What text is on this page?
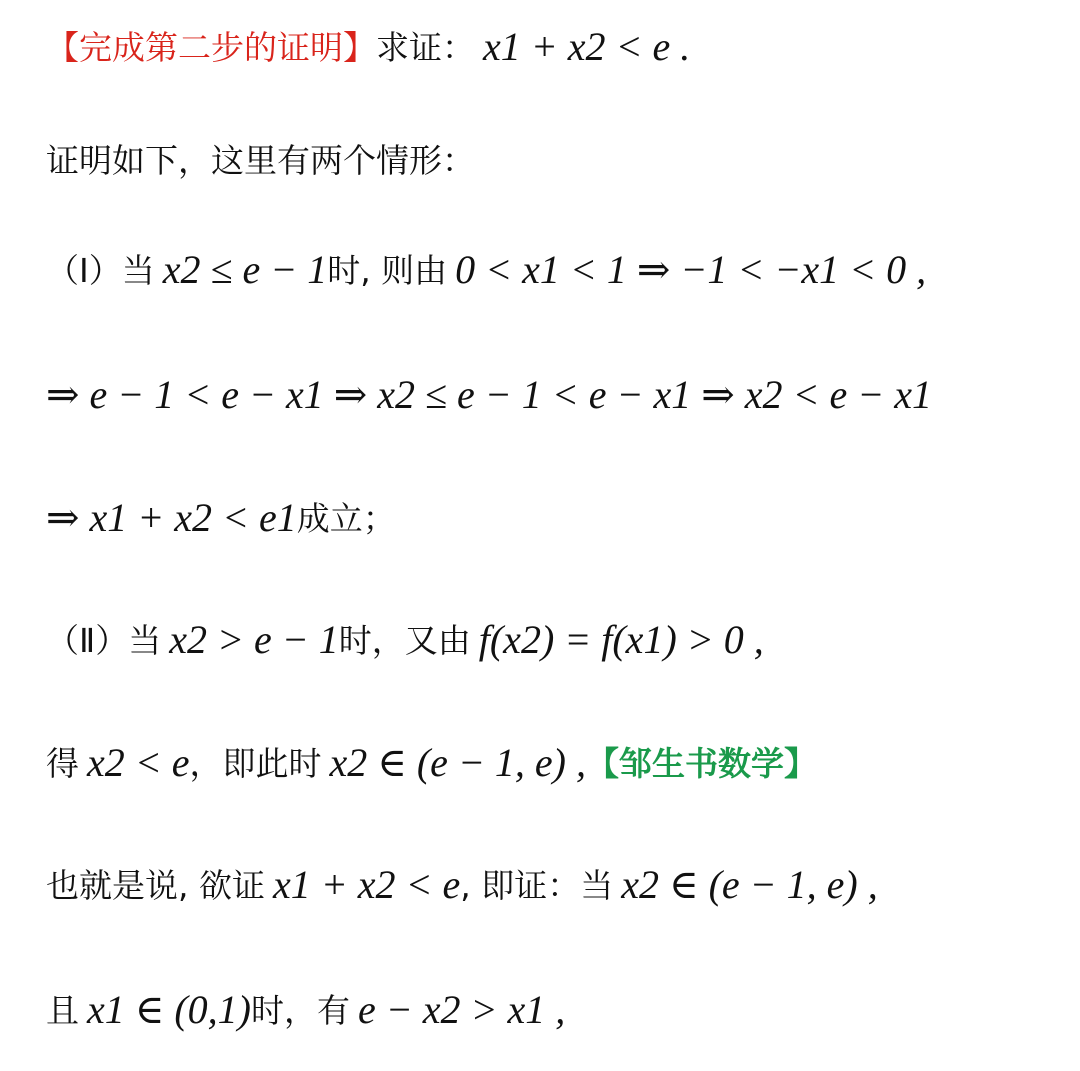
【完成第二步的证明】 求证： x1 + x2 < e .
证明如下，这里有两个情形：
（Ⅰ）当 x2 ≤ e − 1 时, 则由 0 < x1 < 1 ⇒ −1 < −x1 < 0 ,
⇒ e − 1 < e − x1 ⇒ x2 ≤ e − 1 < e − x1 ⇒ x2 < e − x1
⇒ x1 + x2 < e1 成立；
（Ⅱ）当 x2 > e − 1 时，又由 f(x2) = f(x1) > 0 ,
得 x2 < e ，即此时 x2 ∈ (e − 1, e) , 【邹生书数学】
也就是说, 欲证 x1 + x2 < e , 即证：当 x2 ∈ (e − 1, e) ,
且 x1 ∈ (0,1) 时，有 e − x2 > x1 ,
